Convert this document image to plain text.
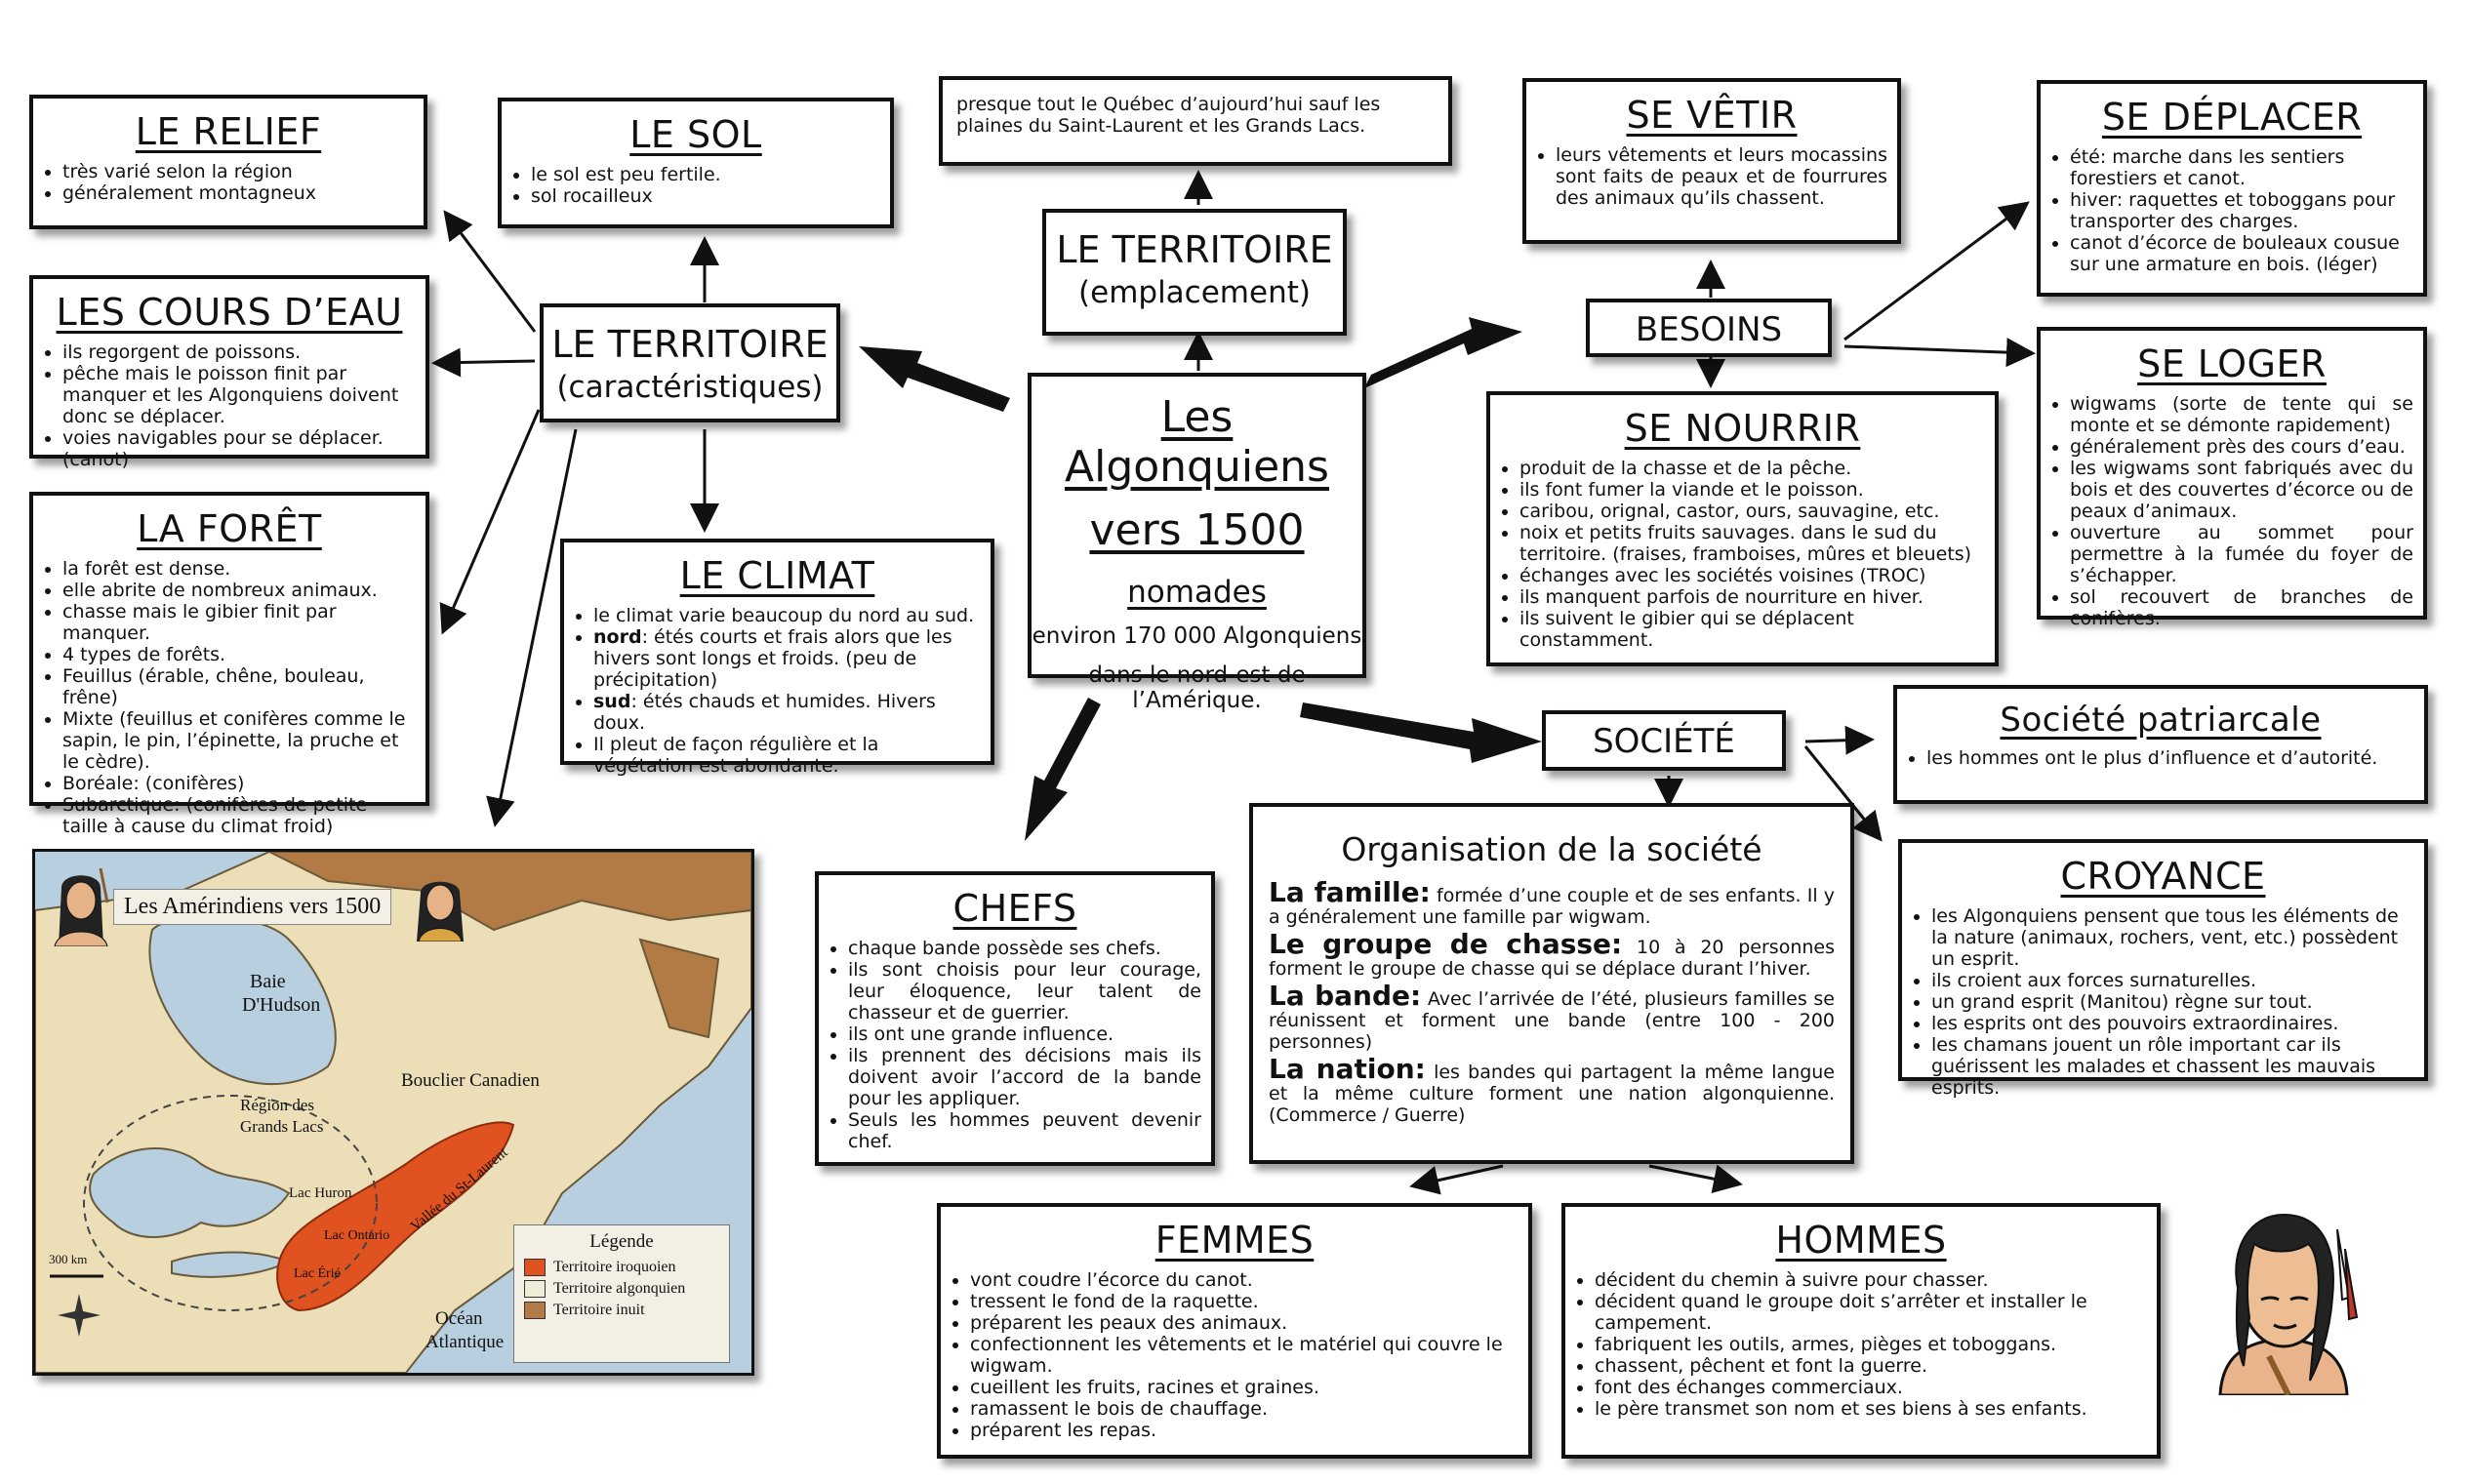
Les Algonquiens
vers 1500
nomades
environ 170 000 Algonquiens
dans le nord-est de l’Amérique.
LE TERRITOIRE
(caractéristiques)
LE TERRITOIRE
(emplacement)
presque tout le Québec d’aujourd’hui sauf les plaines du Saint-Laurent et les Grands Lacs.
LE RELIEF
• très varié selon la région
• généralement montagneux
LE SOL
• le sol est peu fertile.
• sol rocailleux
LES COURS D’EAU
• ils regorgent de poissons.
• pêche mais le poisson finit par manquer et les Algonquiens doivent donc se déplacer.
• voies navigables pour se déplacer. (canot)
LA FORÊT
• la forêt est dense.
• elle abrite de nombreux animaux.
• chasse mais le gibier finit par manquer.
• 4 types de forêts.
• Feuillus (érable, chêne, bouleau, frêne)
• Mixte (feuillus et conifères comme le sapin, le pin, l’épinette, la pruche et le cèdre).
• Boréale: (conifères)
• Subarctique: (conifères de petite taille à cause du climat froid)
LE CLIMAT
• le climat varie beaucoup du nord au sud.
• nord: étés courts et frais alors que les hivers sont longs et froids. (peu de précipitation)
• sud: étés chauds et humides. Hivers doux.
• Il pleut de façon régulière et la végétation est abondante.
BESOINS
SE VÊTIR
• leurs vêtements et leurs mocassins sont faits de peaux et de fourrures des animaux qu’ils chassent.
SE DÉPLACER
• été: marche dans les sentiers forestiers et canot.
• hiver: raquettes et toboggans pour transporter des charges.
• canot d’écorce de bouleaux cousue sur une armature en bois. (léger)
SE LOGER
• wigwams (sorte de tente qui se monte et se démonte rapidement)
• généralement près des cours d’eau.
• les wigwams sont fabriqués avec du bois et des couvertes d’écorce ou de peaux d’animaux.
• ouverture au sommet pour permettre à la fumée du foyer de s’échapper.
• sol recouvert de branches de conifères.
SE NOURRIR
• produit de la chasse et de la pêche.
• ils font fumer la viande et le poisson.
• caribou, orignal, castor, ours, sauvagine, etc.
• noix et petits fruits sauvages. dans le sud du territoire. (fraises, framboises, mûres et bleuets)
• échanges avec les sociétés voisines (TROC)
• ils manquent parfois de nourriture en hiver.
• ils suivent le gibier qui se déplacent constamment.
SOCIÉTÉ
Société patriarcale
• les hommes ont le plus d’influence et d’autorité.
CROYANCE
• les Algonquiens pensent que tous les éléments de la nature (animaux, rochers, vent, etc.) possèdent un esprit.
• ils croient aux forces surnaturelles.
• un grand esprit (Manitou) règne sur tout.
• les esprits ont des pouvoirs extraordinaires.
• les chamans jouent un rôle important car ils guérissent les malades et chassent les mauvais esprits.
Organisation de la société

La famille: formée d’une couple et de ses enfants. Il y a généralement une famille par wigwam.

Le groupe de chasse: 10 à 20 personnes forment le groupe de chasse qui se déplace durant l’hiver.

La bande: Avec l’arrivée de l’été, plusieurs familles se réunissent et forment une bande (entre 100 - 200 personnes)

La nation: les bandes qui partagent la même langue et la même culture forment une nation algonquienne. (Commerce / Guerre)

CHEFS
• chaque bande possède ses chefs.
• ils sont choisis pour leur courage, leur éloquence, leur talent de chasseur et de guerrier.
• ils ont une grande influence.
• ils prennent des décisions mais ils doivent avoir l’accord de la bande pour les appliquer.
• Seuls les hommes peuvent devenir chef.
FEMMES
• vont coudre l’écorce du canot.
• tressent le fond de la raquette.
• préparent les peaux des animaux.
• confectionnent les vêtements et le matériel qui couvre le wigwam.
• cueillent les fruits, racines et graines.
• ramassent le bois de chauffage.
• préparent les repas.
HOMMES
• décident du chemin à suivre pour chasser.
• décident quand le groupe doit s’arrêter et installer le campement.
• fabriquent les outils, armes, pièges et toboggans.
• chassent, pêchent et font la guerre.
• font des échanges commerciaux.
• le père transmet son nom et ses biens à ses enfants.
Les Amérindiens vers 1500
Baie
D'Hudson
Bouclier Canadien
Région des
Grands Lacs
Lac Huron
Lac Ontario
Lac Érié
Vallée du St-Laurent
Océan
Atlantique
300 km
Légende
Territoire iroquoien
Territoire algonquien
Territoire inuit
